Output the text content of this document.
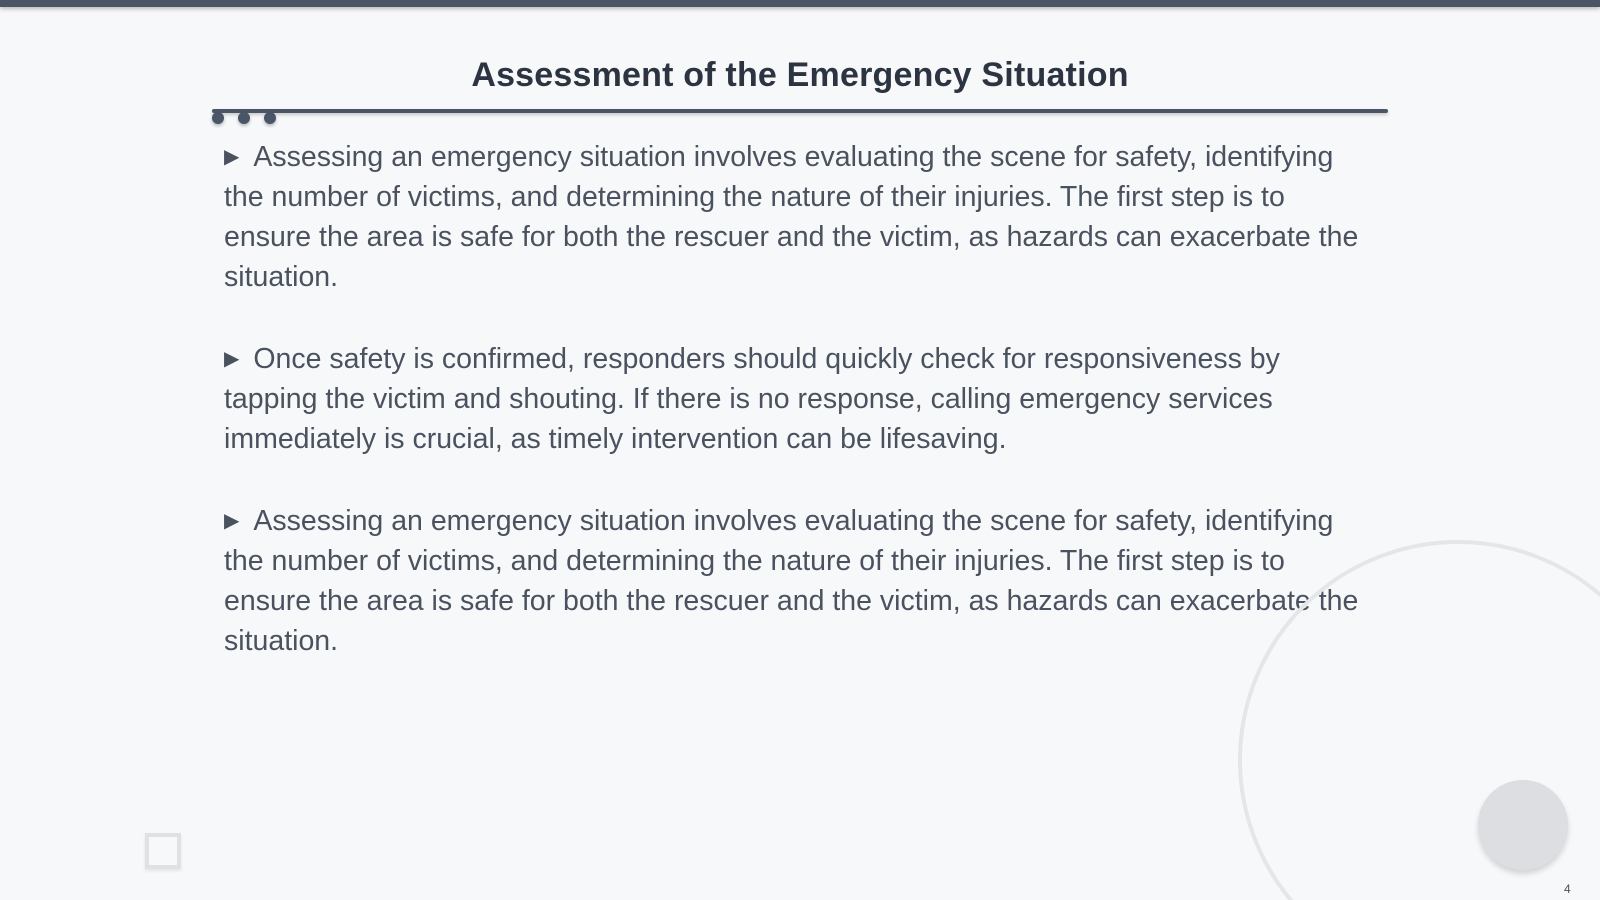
Assessment of the Emergency Situation

▶ Assessing an emergency situation involves evaluating the scene for safety, identifying the number of victims, and determining the nature of their injuries. The first step is to ensure the area is safe for both the rescuer and the victim, as hazards can exacerbate the situation.

▶ Once safety is confirmed, responders should quickly check for responsiveness by tapping the victim and shouting. If there is no response, calling emergency services immediately is crucial, as timely intervention can be lifesaving.

▶ Assessing an emergency situation involves evaluating the scene for safety, identifying the number of victims, and determining the nature of their injuries. The first step is to ensure the area is safe for both the rescuer and the victim, as hazards can exacerbate the situation.

4
